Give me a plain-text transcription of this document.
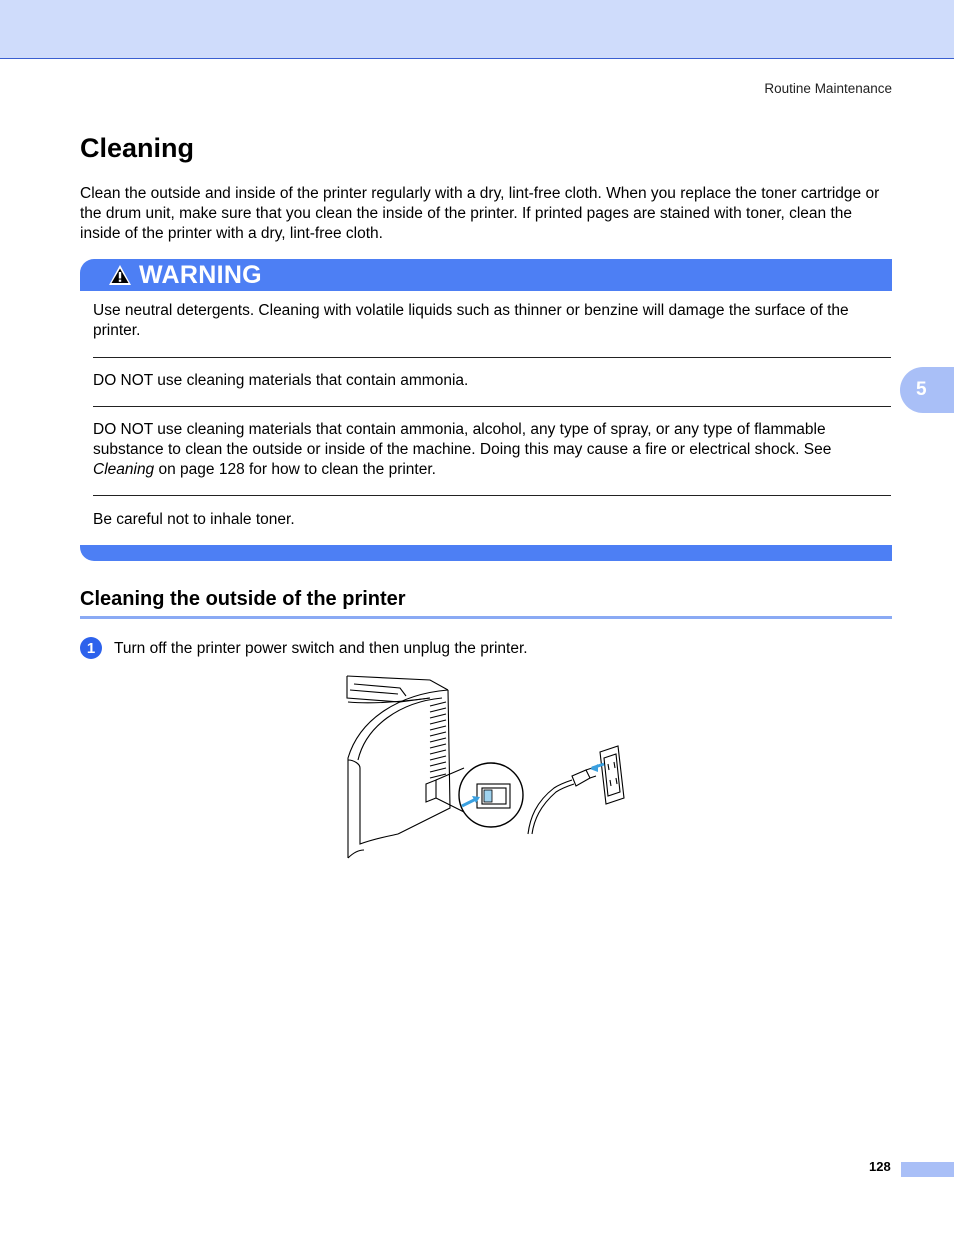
Routine Maintenance
5
Cleaning

Clean the outside and inside of the printer regularly with a dry, lint-free cloth. When you replace the toner cartridge or the drum unit, make sure that you clean the inside of the printer. If printed pages are stained with toner, clean the inside of the printer with a dry, lint-free cloth.

WARNING

Use neutral detergents. Cleaning with volatile liquids such as thinner or benzine will damage the surface of the printer.

DO NOT use cleaning materials that contain ammonia.

DO NOT use cleaning materials that contain ammonia, alcohol, any type of spray, or any type of flammable substance to clean the outside or inside of the machine. Doing this may cause a fire or electrical shock. See Cleaning on page 128 for how to clean the printer.

Be careful not to inhale toner.

Cleaning the outside of the printer
1	Turn off the printer power switch and then unplug the printer.

128
